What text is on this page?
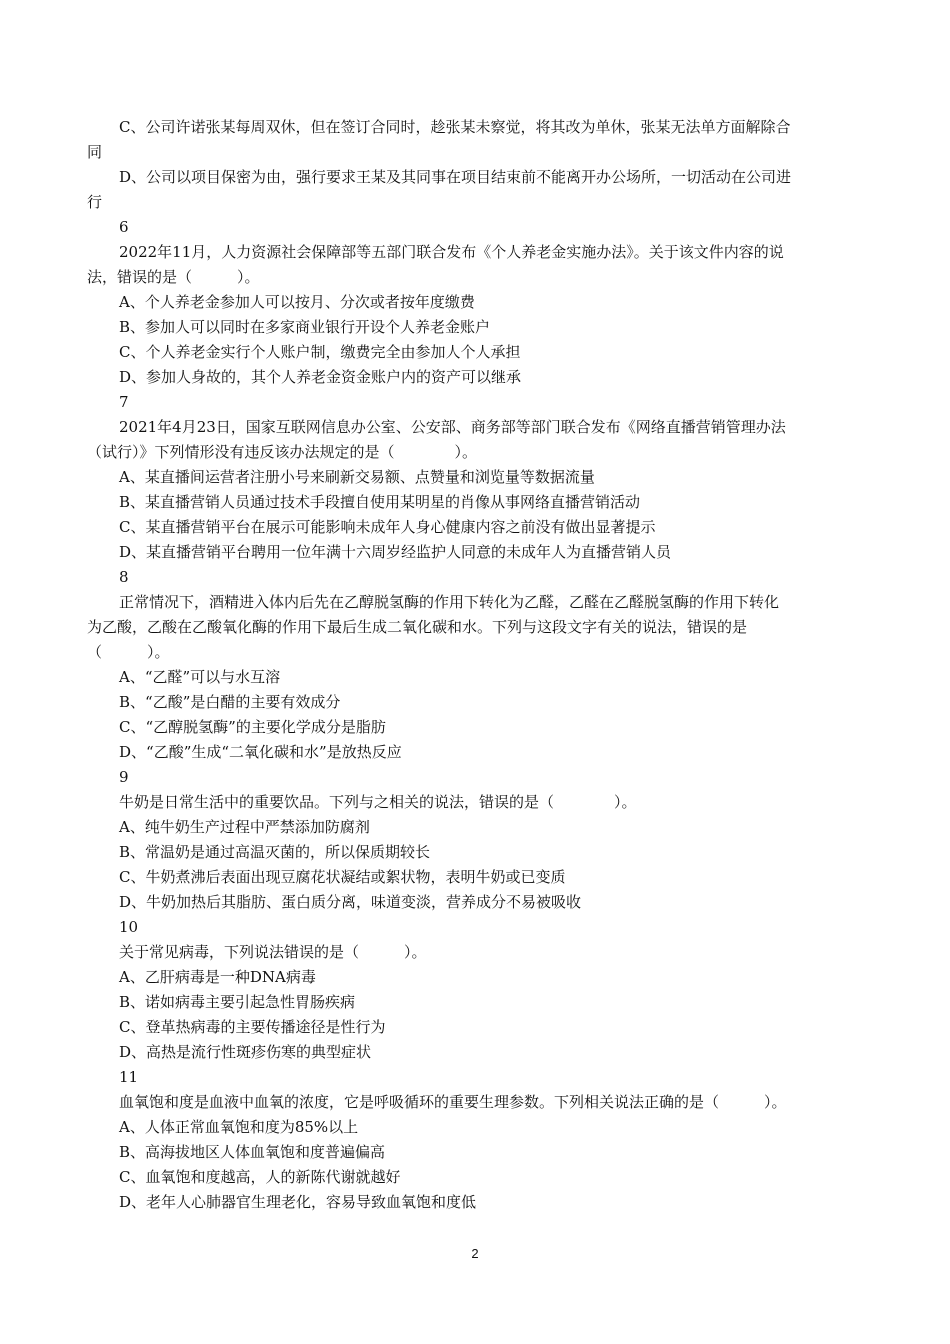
C、公司许诺张某每周双休，但在签订合同时，趁张某未察觉，将其改为单休，张某无法单方面解除合
同
D、公司以项目保密为由，强行要求王某及其同事在项目结束前不能离开办公场所，一切活动在公司进
行
6
2022年11月，人力资源社会保障部等五部门联合发布《个人养老金实施办法》。关于该文件内容的说
法，错误的是（　　　）。
A、个人养老金参加人可以按月、分次或者按年度缴费
B、参加人可以同时在多家商业银行开设个人养老金账户
C、个人养老金实行个人账户制，缴费完全由参加人个人承担
D、参加人身故的，其个人养老金资金账户内的资产可以继承
7
2021年4月23日，国家互联网信息办公室、公安部、商务部等部门联合发布《网络直播营销管理办法
（试行）》下列情形没有违反该办法规定的是（　　　　）。
A、某直播间运营者注册小号来刷新交易额、点赞量和浏览量等数据流量
B、某直播营销人员通过技术手段擅自使用某明星的肖像从事网络直播营销活动
C、某直播营销平台在展示可能影响未成年人身心健康内容之前没有做出显著提示
D、某直播营销平台聘用一位年满十六周岁经监护人同意的未成年人为直播营销人员
8
正常情况下，酒精进入体内后先在乙醇脱氢酶的作用下转化为乙醛，乙醛在乙醛脱氢酶的作用下转化
为乙酸，乙酸在乙酸氧化酶的作用下最后生成二氧化碳和水。下列与这段文字有关的说法，错误的是
（　　　）。
A、“乙醛”可以与水互溶
B、“乙酸”是白醋的主要有效成分
C、“乙醇脱氢酶”的主要化学成分是脂肪
D、“乙酸”生成“二氧化碳和水”是放热反应
9
牛奶是日常生活中的重要饮品。下列与之相关的说法，错误的是（　　　　）。
A、纯牛奶生产过程中严禁添加防腐剂
B、常温奶是通过高温灭菌的，所以保质期较长
C、牛奶煮沸后表面出现豆腐花状凝结或絮状物，表明牛奶或已变质
D、牛奶加热后其脂肪、蛋白质分离，味道变淡，营养成分不易被吸收
10
关于常见病毒，下列说法错误的是（　　　）。
A、乙肝病毒是一种DNA病毒
B、诺如病毒主要引起急性胃肠疾病
C、登革热病毒的主要传播途径是性行为
D、高热是流行性斑疹伤寒的典型症状
11
血氧饱和度是血液中血氧的浓度，它是呼吸循环的重要生理参数。下列相关说法正确的是（　　　）。
A、人体正常血氧饱和度为85%以上
B、高海拔地区人体血氧饱和度普遍偏高
C、血氧饱和度越高，人的新陈代谢就越好
D、老年人心肺器官生理老化，容易导致血氧饱和度低
2
